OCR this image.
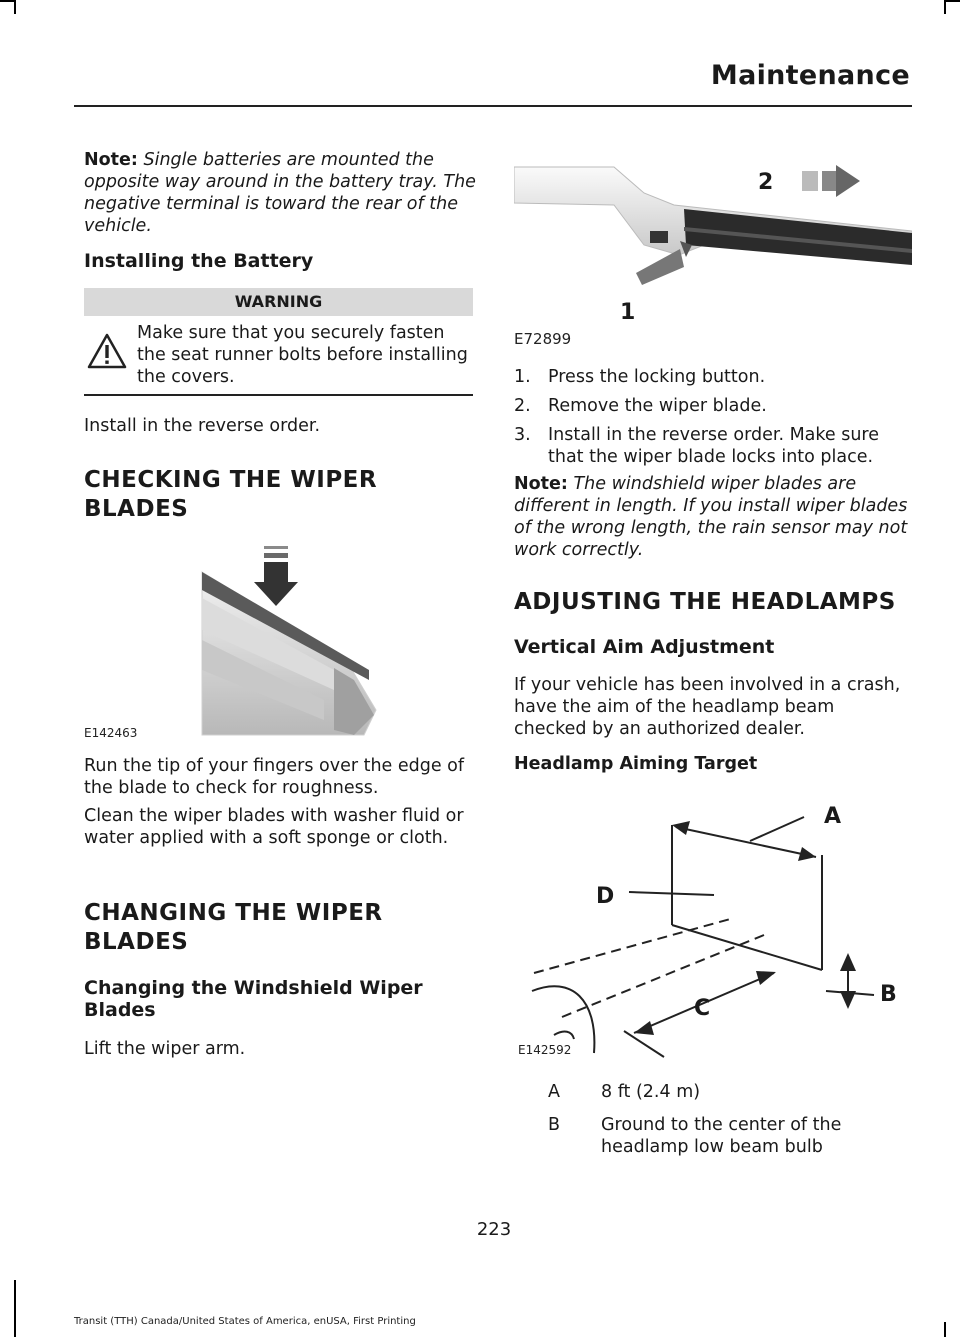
Maintenance

Note: Single batteries are mounted the opposite way around in the battery tray. The negative terminal is toward the rear of the vehicle.

Installing the Battery
WARNING

Make sure that you securely fasten the seat runner bolts before installing the covers.

Install in the reverse order.

CHECKING THE WIPER
BLADES
E142463

Run the tip of your fingers over the edge of the blade to check for roughness.

Clean the wiper blades with washer fluid or water applied with a soft sponge or cloth.

CHANGING THE WIPER
BLADES
Changing the Windshield Wiper Blades

Lift the wiper arm.

2
1
E72899
1. Press the locking button.
2. Remove the wiper blade.
3. Install in the reverse order. Make sure that the wiper blade locks into place.

Note: The windshield wiper blades are different in length. If you install wiper blades of the wrong length, the rain sensor may not work correctly.

ADJUSTING THE HEADLAMPS
Vertical Aim Adjustment

If your vehicle has been involved in a crash, have the aim of the headlamp beam checked by an authorized dealer.

Headlamp Aiming Target
A
D
C
B
E142592
A 8 ft (2.4 m)
B Ground to the center of the headlamp low beam bulb
223
Transit (TTH) Canada/United States of America, enUSA, First Printing
